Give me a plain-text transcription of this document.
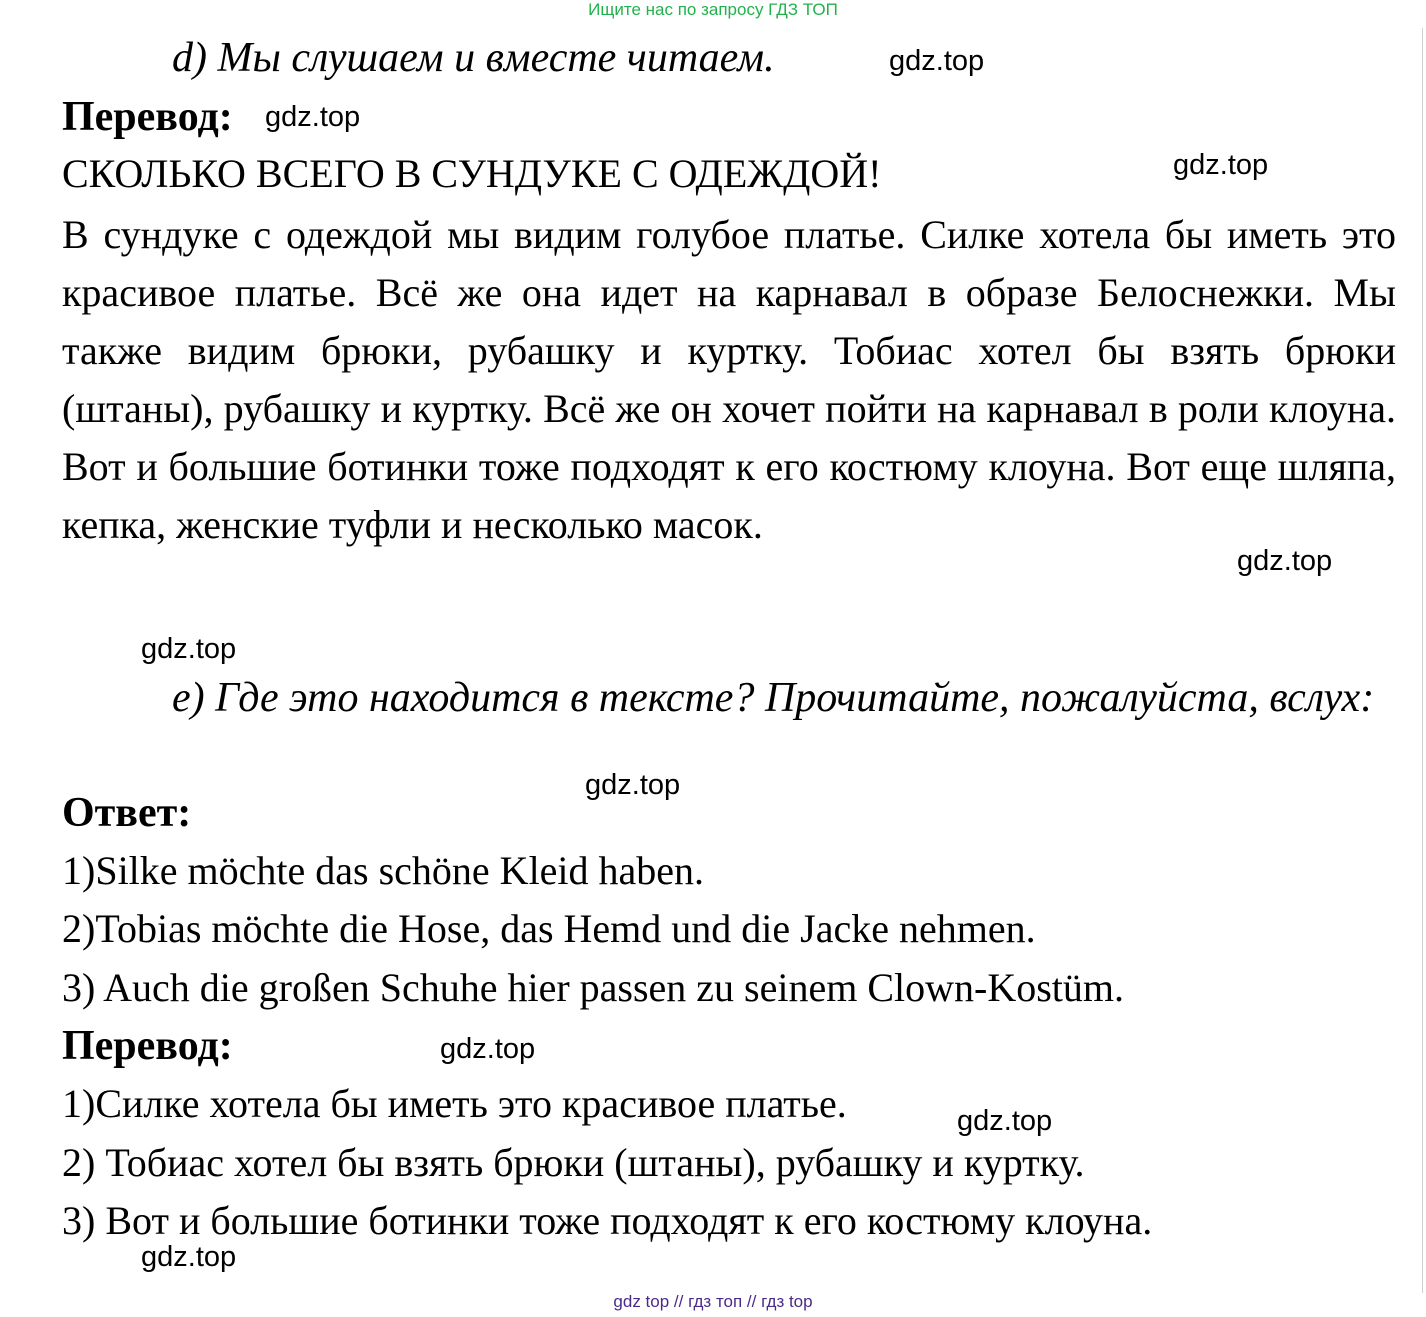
Ищите нас по запросу ГДЗ ТОП
d) Мы слушаем и вместе читаем.	gdz.top
Перевод: gdz.top
СКОЛЬКО ВСЕГО В СУНДУКЕ С ОДЕЖДОЙ!	gdz.top
В сундуке с одеждой мы видим голубое платье. Силке хотела бы иметь это красивое платье. Всё же она идет на карнавал в образе Белоснежки. Мы также видим брюки, рубашку и куртку. Тобиас хотел бы взять брюки (штаны), рубашку и куртку. Всё же он хочет пойти на карнавал в роли клоуна. Вот и большие ботинки тоже подходят к его костюму клоуна. Вот еще шляпа, кепка, женские туфли и несколько масок.
gdz.top
gdz.top
e) Где это находится в тексте? Прочитайте, пожалуйста, вслух:
gdz.top
Ответ:
1)Silke möchte das schöne Kleid haben.
2)Tobias möchte die Hose, das Hemd und die Jacke nehmen.
3) Auch die großen Schuhe hier passen zu seinem Clown-Kostüm.
Перевод:	gdz.top
1)Силке хотела бы иметь это красивое платье.	gdz.top
2) Тобиас хотел бы взять брюки (штаны), рубашку и куртку.
3) Вот и большие ботинки тоже подходят к его костюму клоуна.
gdz.top
gdz top // гдз топ // гдз top
